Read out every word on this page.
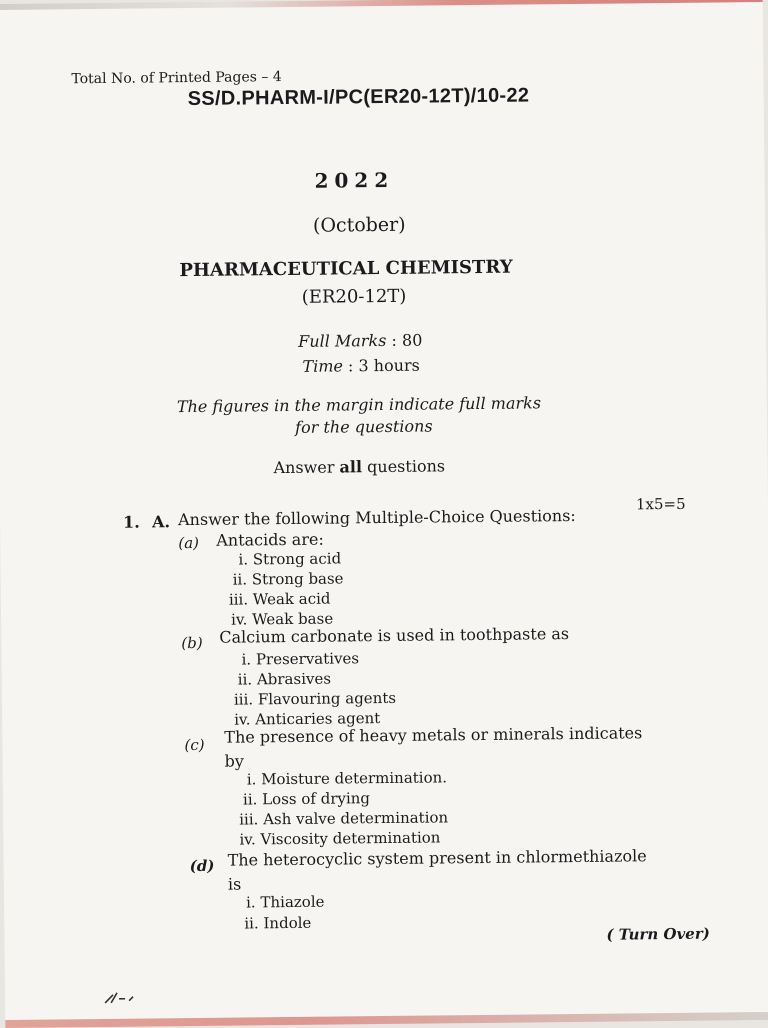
Total No. of Printed Pages – 4
SS/D.PHARM-I/PC(ER20-12T)/10-22
2022
(October)
PHARMACEUTICAL CHEMISTRY
(ER20-12T)
Full Marks : 80
Time : 3 hours
The figures in the margin indicate full marks
for the questions
Answer all questions
1. A. Answer the following Multiple-Choice Questions:
1x5=5
(a) Antacids are:
i. Strong acid
ii. Strong base
iii. Weak acid
iv. Weak base
(b) Calcium carbonate is used in toothpaste as
i. Preservatives
ii. Abrasives
iii. Flavouring agents
iv. Anticaries agent
(c) The presence of heavy metals or minerals indicates
by
i. Moisture determination.
ii. Loss of drying
iii. Ash valve determination
iv. Viscosity determination
(d) The heterocyclic system present in chlormethiazole
is
i. Thiazole
ii. Indole
( Turn Over)
